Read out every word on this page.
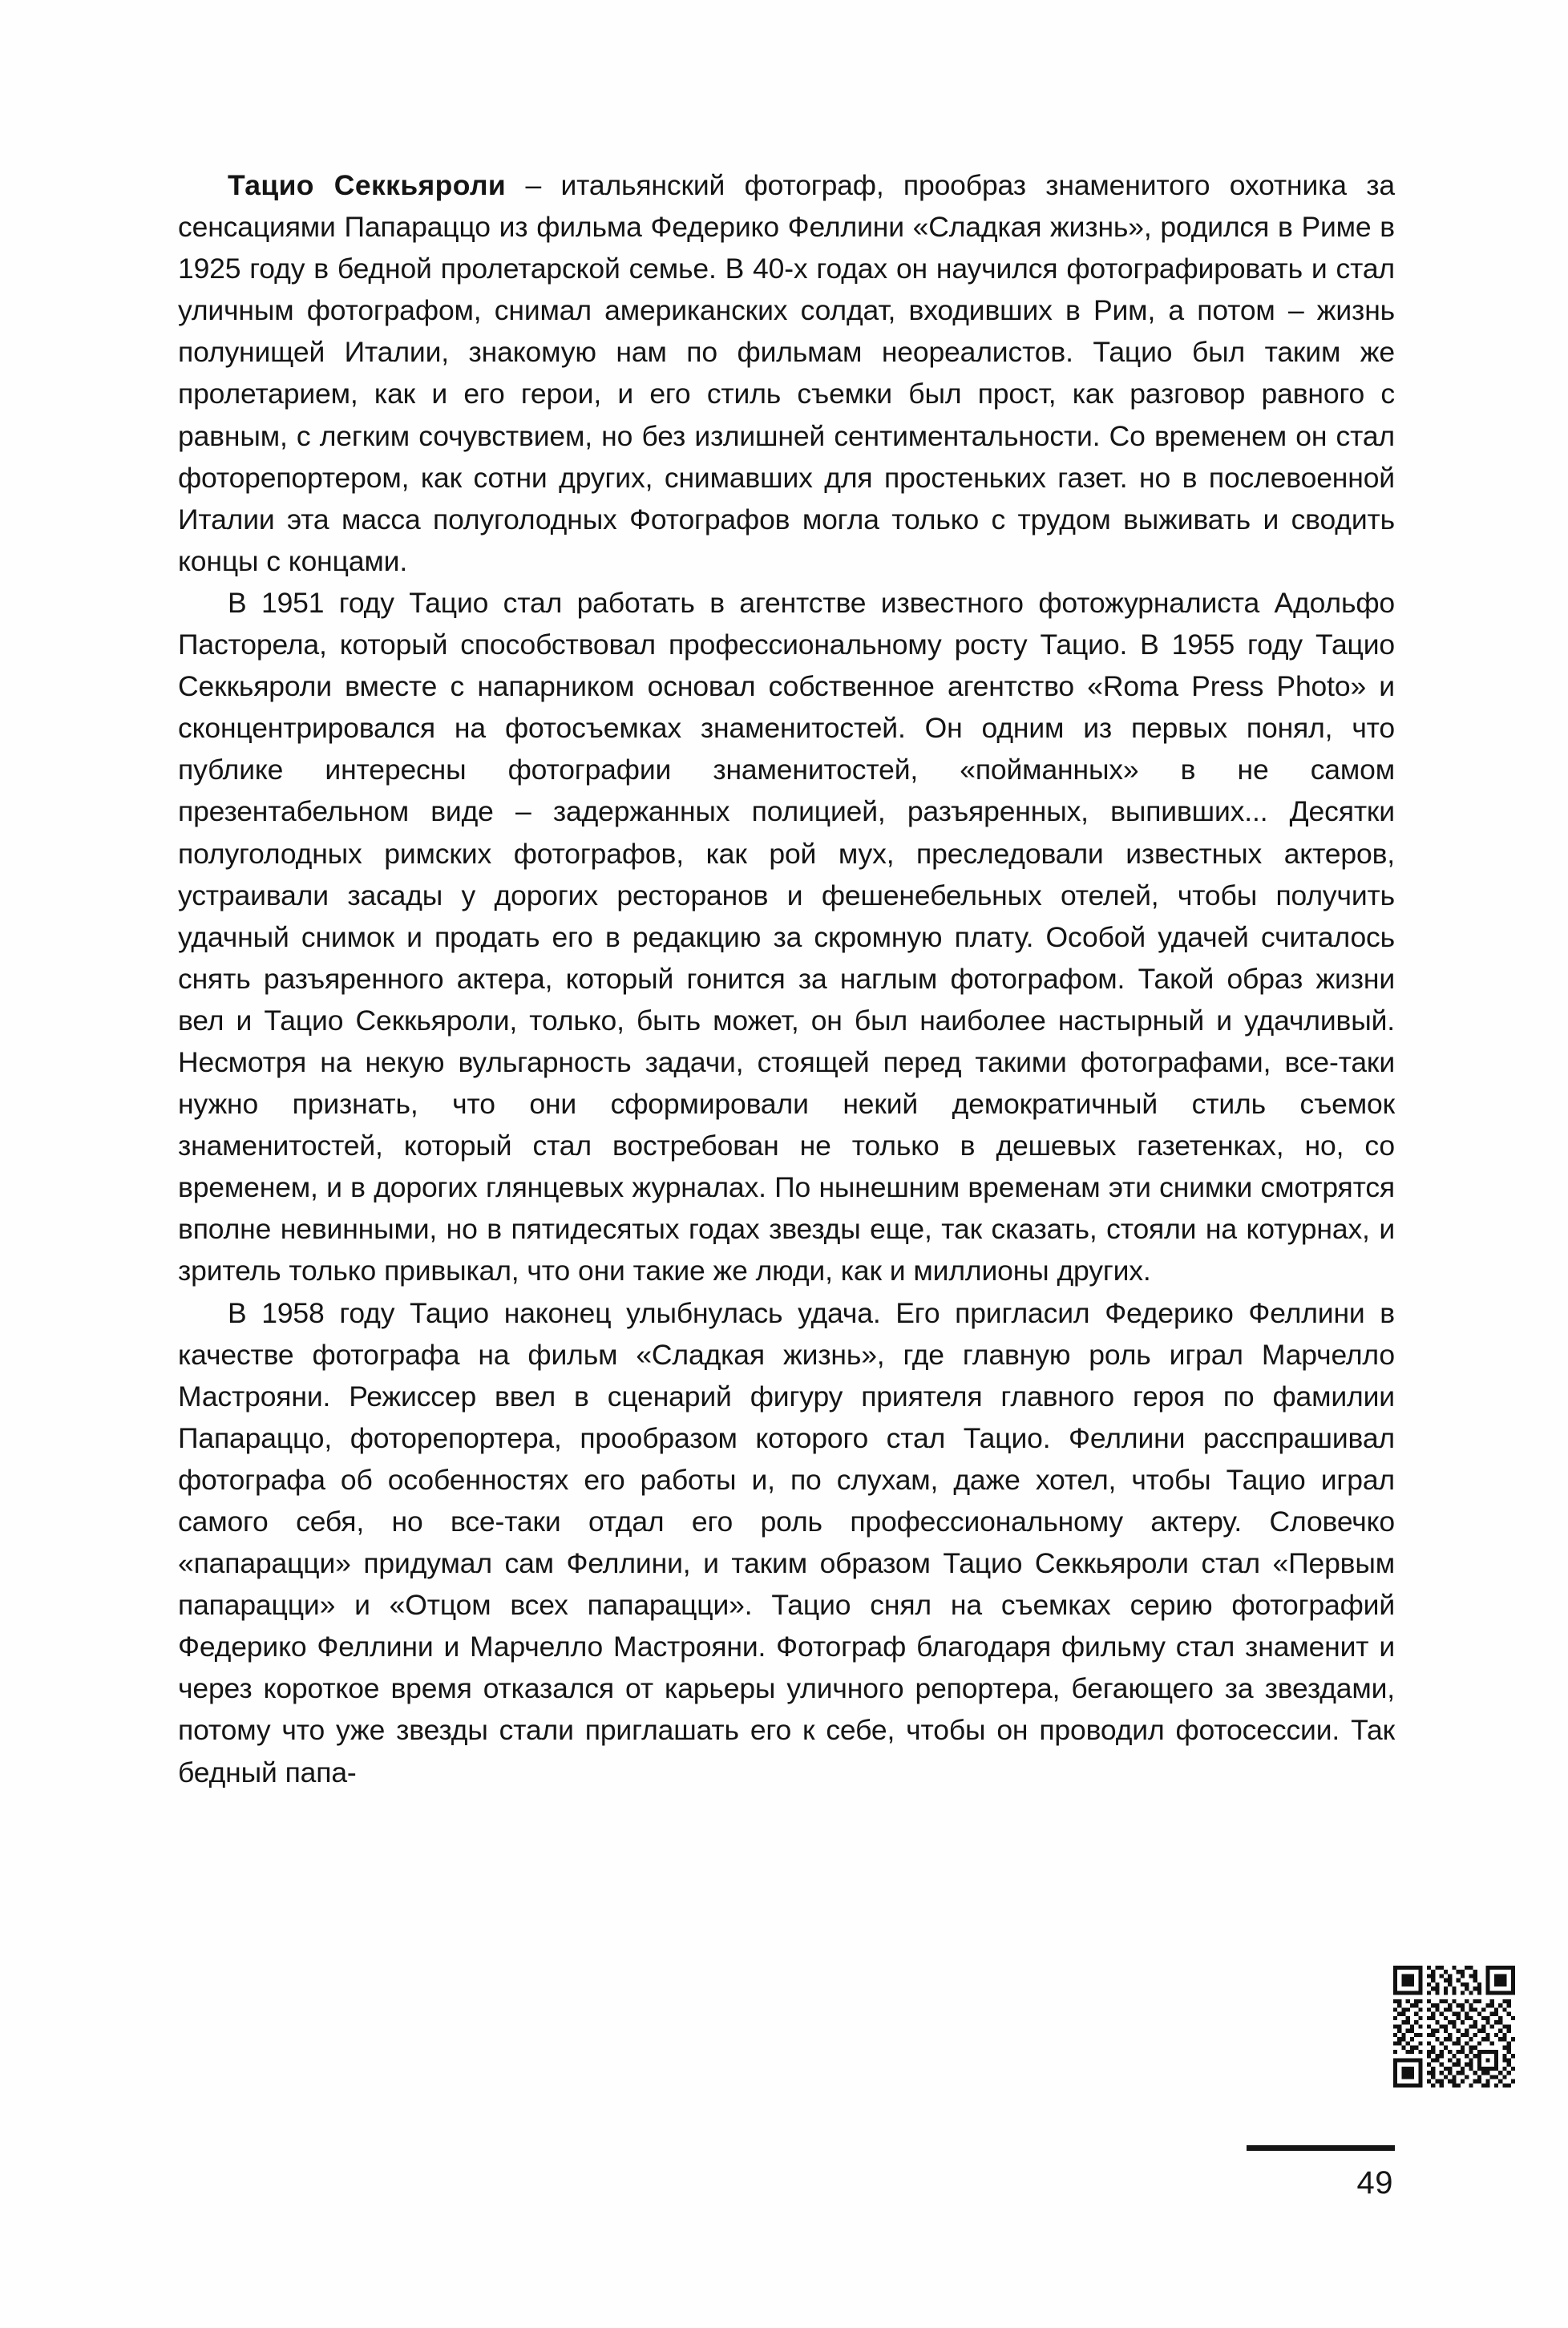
Тацио Секкьяроли – итальянский фотограф, прообраз знаменитого охотника за сенсациями Папараццо из фильма Федерико Феллини «Сладкая жизнь», родился в Риме в 1925 году в бедной пролетарской семье. В 40-х годах он научился фотографировать и стал уличным фотографом, снимал американских солдат, входивших в Рим, а потом – жизнь полунищей Италии, знакомую нам по фильмам неореалистов. Тацио был таким же пролетарием, как и его герои, и его стиль съемки был прост, как разговор равного с равным, с легким сочувствием, но без излишней сентиментальности. Со временем он стал фоторепортером, как сотни других, снимавших для простеньких газет. но в послевоенной Италии эта масса полуголодных Фотографов могла только с трудом выживать и сводить концы с концами.

В 1951 году Тацио стал работать в агентстве известного фотожурналиста Адольфо Пасторела, который способствовал профессиональному росту Тацио. В 1955 году Тацио Секкьяроли вместе с напарником основал собственное агентство «Roma Press Photo» и сконцентрировался на фотосъемках знаменитостей. Он одним из первых понял, что публике интересны фотографии знаменитостей, «пойманных» в не самом презентабельном виде – задержанных полицией, разъяренных, выпивших... Десятки полуголодных римских фотографов, как рой мух, преследовали известных актеров, устраивали засады у дорогих ресторанов и фешенебельных отелей, чтобы получить удачный снимок и продать его в редакцию за скромную плату. Особой удачей считалось снять разъяренного актера, который гонится за наглым фотографом. Такой образ жизни вел и Тацио Секкьяроли, только, быть может, он был наиболее настырный и удачливый. Несмотря на некую вульгарность задачи, стоящей перед такими фотографами, все-таки нужно признать, что они сформировали некий демократичный стиль съемок знаменитостей, который стал востребован не только в дешевых газетенках, но, со временем, и в дорогих глянцевых журналах. По нынешним временам эти снимки смотрятся вполне невинными, но в пятидесятых годах звезды еще, так сказать, стояли на котурнах, и зритель только привыкал, что они такие же люди, как и миллионы других.

В 1958 году Тацио наконец улыбнулась удача. Его пригласил Федерико Феллини в качестве фотографа на фильм «Сладкая жизнь», где главную роль играл Марчелло Мастрояни. Режиссер ввел в сценарий фигуру приятеля главного героя по фамилии Папараццо, фоторепортера, прообразом которого стал Тацио. Феллини расспрашивал фотографа об особенностях его работы и, по слухам, даже хотел, чтобы Тацио играл самого себя, но все-таки отдал его роль профессиональному актеру. Словечко «папарацци» придумал сам Феллини, и таким образом Тацио Секкьяроли стал «Первым папарацци» и «Отцом всех папарацци». Тацио снял на съемках серию фотографий Федерико Феллини и Марчелло Мастрояни. Фотограф благодаря фильму стал знаменит и через короткое время отказался от карьеры уличного репортера, бегающего за звездами, потому что уже звезды стали приглашать его к себе, чтобы он проводил фотосессии. Так бедный папа-

49
